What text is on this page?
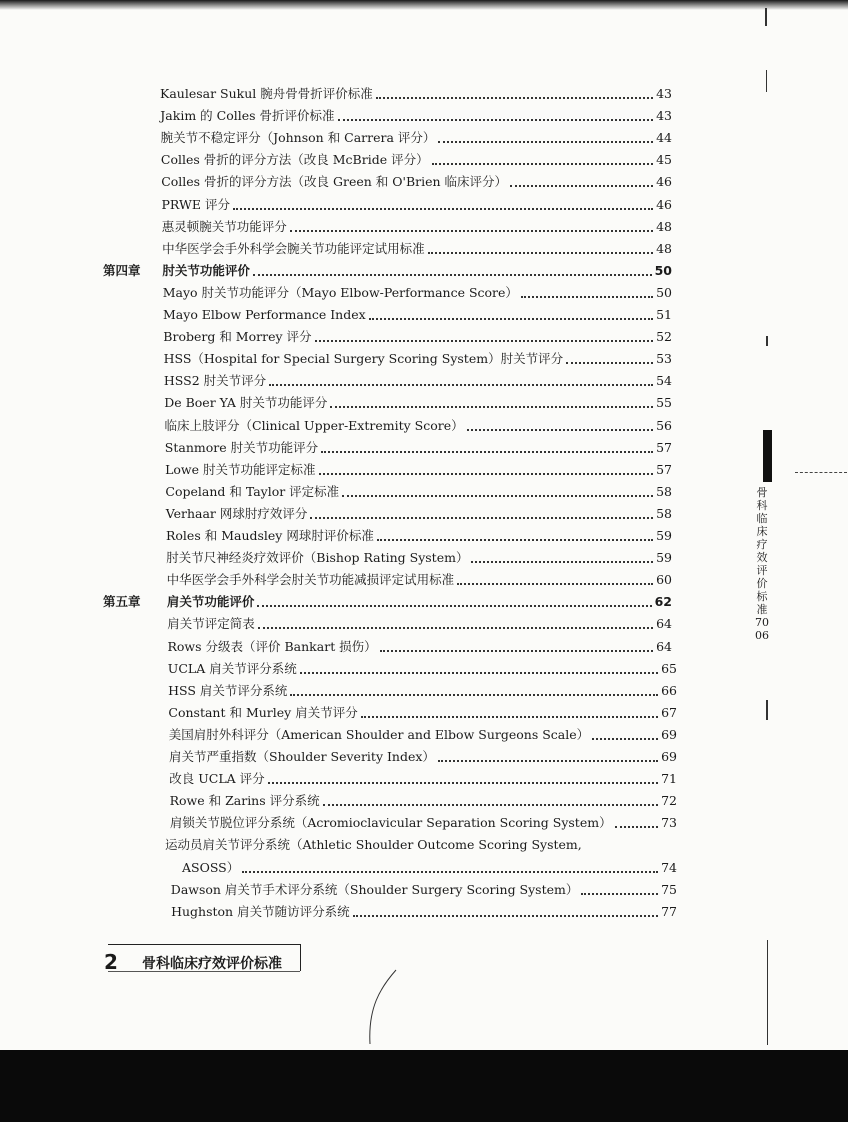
Kaulesar Sukul 腕舟骨骨折评价标准	43
Jakim 的 Colles 骨折评价标准	43
腕关节不稳定评分（Johnson 和 Carrera 评分）	44
Colles 骨折的评分方法（改良 McBride 评分）	45
Colles 骨折的评分方法（改良 Green 和 O'Brien 临床评分）	46
PRWE 评分	46
惠灵顿腕关节功能评分	48
中华医学会手外科学会腕关节功能评定试用标准	48
第四章	肘关节功能评价	50
Mayo 肘关节功能评分（Mayo Elbow-Performance Score）	50
Mayo Elbow Performance Index	51
Broberg 和 Morrey 评分	52
HSS（Hospital for Special Surgery Scoring System）肘关节评分	53
HSS2 肘关节评分	54
De Boer YA 肘关节功能评分	55
临床上肢评分（Clinical Upper-Extremity Score）	56
Stanmore 肘关节功能评分	57
Lowe 肘关节功能评定标准	57
Copeland 和 Taylor 评定标准	58
Verhaar 网球肘疗效评分	58
Roles 和 Maudsley 网球肘评价标准	59
肘关节尺神经炎疗效评价（Bishop Rating System）	59
中华医学会手外科学会肘关节功能减损评定试用标准	60
第五章	肩关节功能评价	62
肩关节评定简表	64
Rows 分级表（评价 Bankart 损伤）	64
UCLA 肩关节评分系统	65
HSS 肩关节评分系统	66
Constant 和 Murley 肩关节评分	67
美国肩肘外科评分（American Shoulder and Elbow Surgeons Scale）	69
肩关节严重指数（Shoulder Severity Index）	69
改良 UCLA 评分	71
Rowe 和 Zarins 评分系统	72
肩锁关节脱位评分系统（Acromioclavicular Separation Scoring System）	73
运动员肩关节评分系统（Athletic Shoulder Outcome Scoring System,
ASOSS）	74
Dawson 肩关节手术评分系统（Shoulder Surgery Scoring System）	75
Hughston 肩关节随访评分系统	77
2 骨科临床疗效评价标准
骨科临床疗效评价标准 7006
